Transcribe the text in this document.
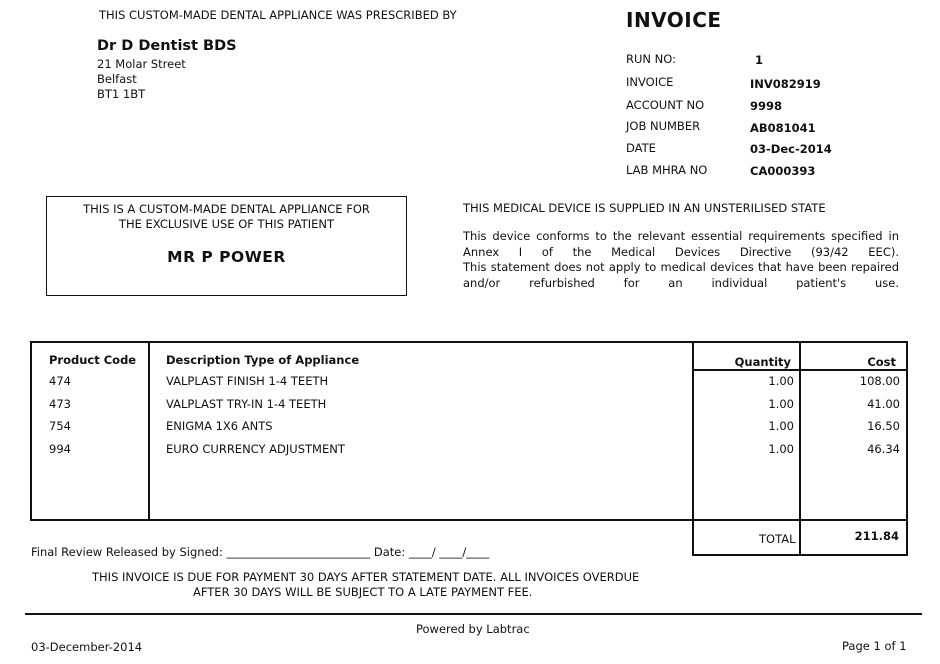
THIS CUSTOM-MADE DENTAL APPLIANCE WAS PRESCRIBED BY
Dr D Dentist BDS
21 Molar Street
Belfast
BT1 1BT
INVOICE
RUN NO:	1
INVOICE	INV082919
ACCOUNT NO	9998
JOB NUMBER	AB081041
DATE	03-Dec-2014
LAB MHRA NO	CA000393
THIS IS A CUSTOM-MADE DENTAL APPLIANCE FOR
THE EXCLUSIVE USE OF THIS PATIENT
MR P POWER
THIS MEDICAL DEVICE IS SUPPLIED IN AN UNSTERILISED STATE

This device conforms to the relevant essential requirements specified in Annex I of the Medical Devices Directive (93/42 EEC).

This statement does not apply to medical devices that have been repaired and/or refurbished for an individual patient's use.

Product Code	Description Type of Appliance	Quantity	Cost
474	VALPLAST FINISH 1-4 TEETH	1.00	108.00
473	VALPLAST TRY-IN 1-4 TEETH	1.00	41.00
754	ENIGMA 1X6 ANTS	1.00	16.50
994	EURO CURRENCY ADJUSTMENT	1.00	46.34
TOTAL	211.84
Final Review Released by Signed: _________________________ Date: ____/ ____/____
THIS INVOICE IS DUE FOR PAYMENT 30 DAYS AFTER STATEMENT DATE. ALL INVOICES OVERDUE
AFTER 30 DAYS WILL BE SUBJECT TO A LATE PAYMENT FEE.
Powered by Labtrac
03-December-2014	Page 1 of 1
